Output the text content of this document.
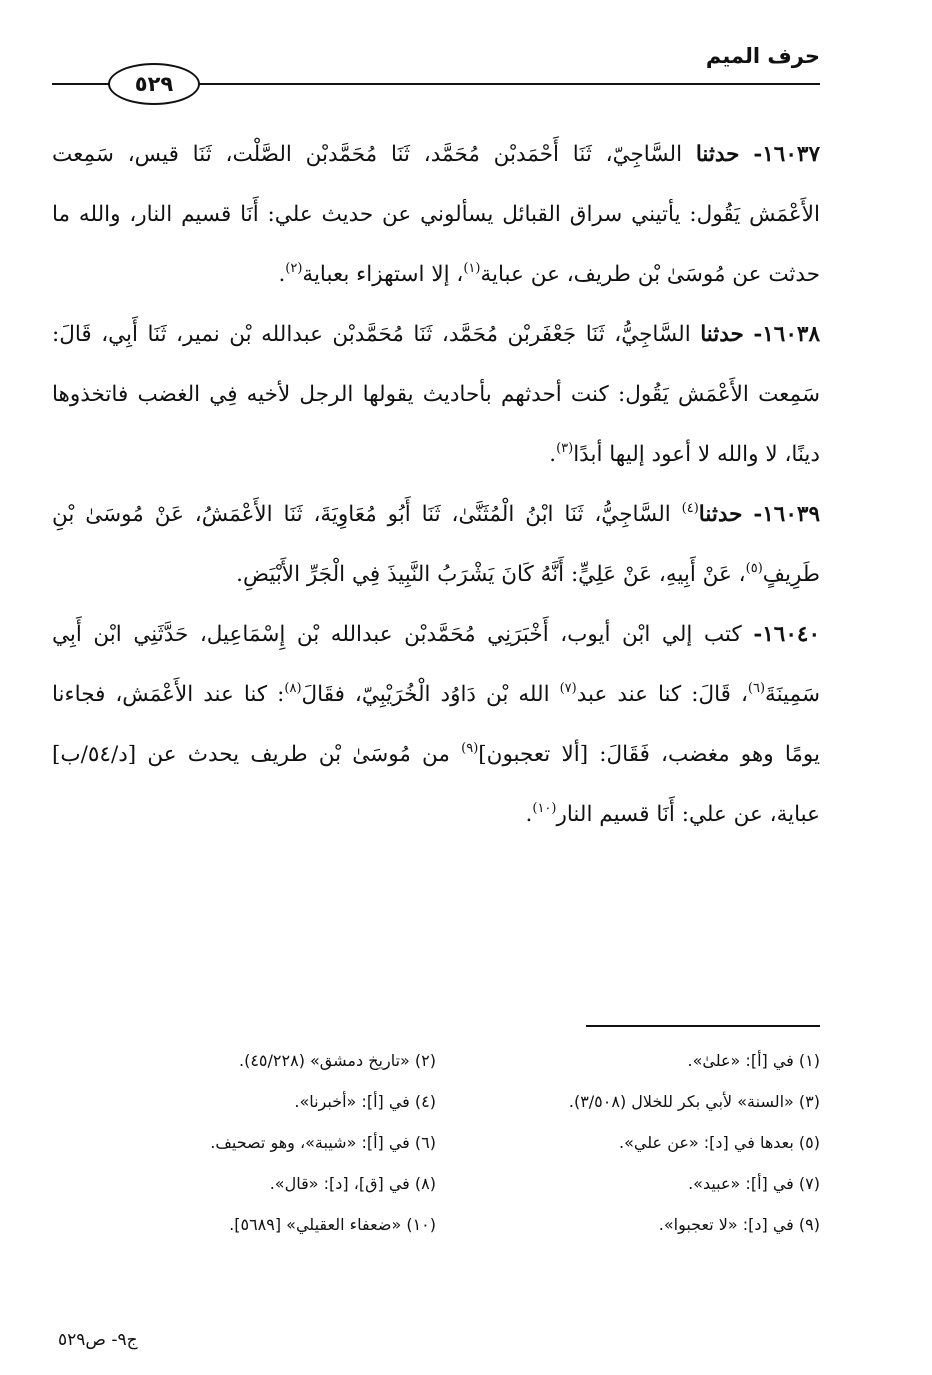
حرف الميم
٥٢٩

١٦٠٣٧- حدثنا السَّاجِيّ، ثَنَا أَحْمَدبْن مُحَمَّد، ثَنَا مُحَمَّدبْن الصَّلْت، ثَنَا قيس، سَمِعت الأَعْمَش يَقُول: يأتيني سراق القبائل يسألوني عن حديث علي: أَنَا قسيم النار، والله ما حدثت عن مُوسَىٰ بْن طريف، عن عباية$^{(١)}$، إلا استهزاء بعباية$^{(٢)}$.

١٦٠٣٨- حدثنا السَّاجِيُّ، ثَنَا جَعْفَربْن مُحَمَّد، ثَنَا مُحَمَّدبْن عبدالله بْن نمير، ثَنَا أَبِي، قَالَ: سَمِعت الأَعْمَش يَقُول: كنت أحدثهم بأحاديث يقولها الرجل لأخيه فِي الغضب فاتخذوها دينًا، لا والله لا أعود إليها أبدًا$^{(٣)}$.

١٦٠٣٩- حدثنا$^{(٤)}$ السَّاجِيُّ، ثَنَا ابْنُ الْمُثَنَّىٰ، ثَنَا أَبُو مُعَاوِيَةَ، ثَنَا الأَعْمَشُ، عَنْ مُوسَىٰ بْنِ طَرِيفٍ$^{(٥)}$، عَنْ أَبِيهِ، عَنْ عَلِيٍّ: أَنَّهُ كَانَ يَشْرَبُ النَّبِيذَ فِي الْجَرِّ الأَبْيَضِ.

١٦٠٤٠- كتب إلي ابْن أيوب، أَخْبَرَنِي مُحَمَّدبْن عبدالله بْن إِسْمَاعِيل، حَدَّثَنِي ابْن أَبِي سَمِينَةَ$^{(٦)}$، قَالَ: كنا عند عبد$^{(٧)}$ الله بْن دَاوُد الْخُرَيْبِيّ، فقَالَ$^{(٨)}$: كنا عند الأَعْمَش، فجاءنا يومًا وهو مغضب، فَقَالَ: [ألا تعجبون]$^{(٩)}$ من مُوسَىٰ بْن طريف يحدث عن [د/٥٤/ب] عباية، عن علي: أَنَا قسيم النار$^{(١٠)}$.

(١) في [أ]: «علىٰ».
(٢) «تاريخ دمشق» (٤٥/٢٢٨).
(٣) «السنة» لأبي بكر للخلال (٣/٥٠٨).
(٤) في [أ]: «أخبرنا».
(٥) بعدها في [د]: «عن علي».
(٦) في [أ]: «شيبة»، وهو تصحيف.
(٧) في [أ]: «عبيد».
(٨) في [ق]، [د]: «قال».
(٩) في [د]: «لا تعجبوا».
(١٠) «ضعفاء العقيلي» [٥٦٨٩].
ج٩- ص٥٢٩
